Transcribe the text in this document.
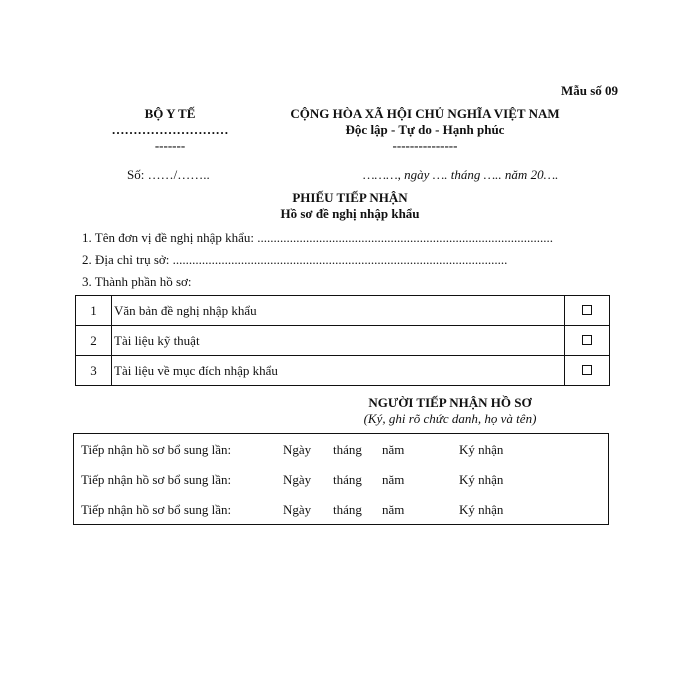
Mẫu số 09
BỘ Y TẾ
………………………
-------
CỘNG HÒA XÃ HỘI CHỦ NGHĨA VIỆT NAM
Độc lập - Tự do - Hạnh phúc
---------------
Số: ……/……..	………, ngày …. tháng ….. năm 20….
PHIẾU TIẾP NHẬN
Hồ sơ đề nghị nhập khẩu
1. Tên đơn vị đề nghị nhập khẩu: ...........................................................................................
2. Địa chỉ trụ sở: .......................................................................................................
3. Thành phần hồ sơ:
1	Văn bản đề nghị nhập khẩu	
2	Tài liệu kỹ thuật	
3	Tài liệu về mục đích nhập khẩu	
NGƯỜI TIẾP NHẬN HỒ SƠ
(Ký, ghi rõ chức danh, họ và tên)
Tiếp nhận hồ sơ bổ sung lần:	Ngày tháng năm	Ký nhận
Tiếp nhận hồ sơ bổ sung lần:	Ngày tháng năm	Ký nhận
Tiếp nhận hồ sơ bổ sung lần:	Ngày tháng năm	Ký nhận
